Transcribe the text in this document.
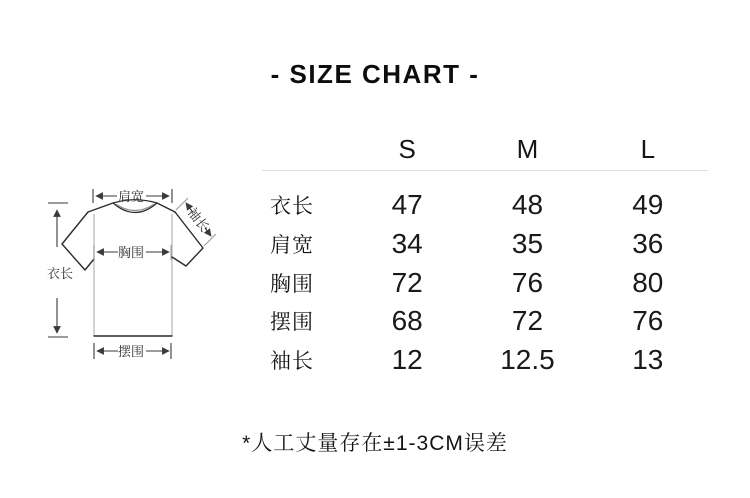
- SIZE CHART -
肩宽
胸围
摆围
衣长
袖长
S	M	L
衣长	47	48	49
肩宽	34	35	36
胸围	72	76	80
摆围	68	72	76
袖长	12	12.5	13
*人工丈量存在±1-3CM误差
